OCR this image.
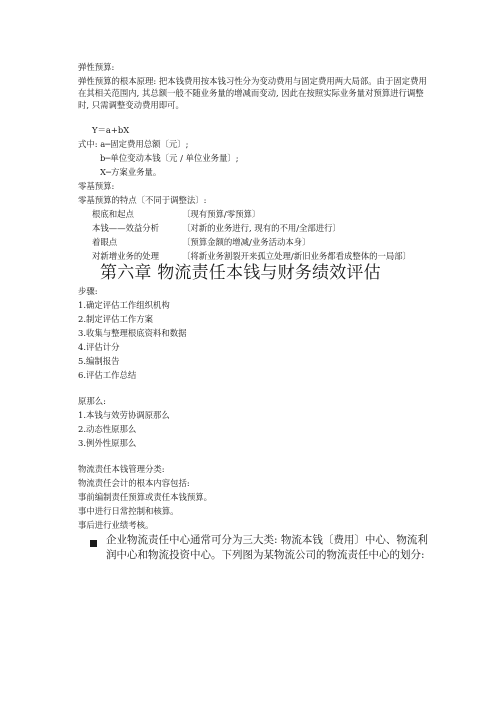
弹性预算:
弹性预算的根本原理: 把本钱费用按本钱习性分为变动费用与固定费用两大局部。由于固定费用在其相关范围内, 其总额一般不随业务量的增减而变动, 因此在按照实际业务量对预算进行调整时, 只需调整变动费用即可。
Y＝a+bX
式中: a─固定费用总额〔元〕;
b─单位变动本钱〔元 / 单位业务量〕;
X─方案业务量。
零基预算:
零基预算的特点〔不同于调整法〕:
根底和起点	〔现有预算/零预算〕
本钱——效益分析	〔对新的业务进行, 现有的不用/全部进行〕
着眼点	〔预算金额的增减/业务活动本身〕
对新增业务的处理	〔将新业务割裂开来孤立处理/新旧业务都看成整体的一局部〕
第六章 物流责任本钱与财务绩效评估
步骤:
1.确定评估工作组织机构
2.制定评估工作方案
3.收集与整理根底资料和数据
4.评估计分
5.编制报告
6.评估工作总结
原那么:
1.本钱与效劳协调原那么
2.动态性原那么
3.例外性原那么
物流责任本钱管理分类:
物流责任会计的根本内容包括:
事前编制责任预算或责任本钱预算。
事中进行日常控制和核算。
事后进行业绩考核。
企业物流责任中心通常可分为三大类: 物流本钱〔费用〕中心、物流利润中心和物流投资中心。下列图为某物流公司的物流责任中心的划分:
